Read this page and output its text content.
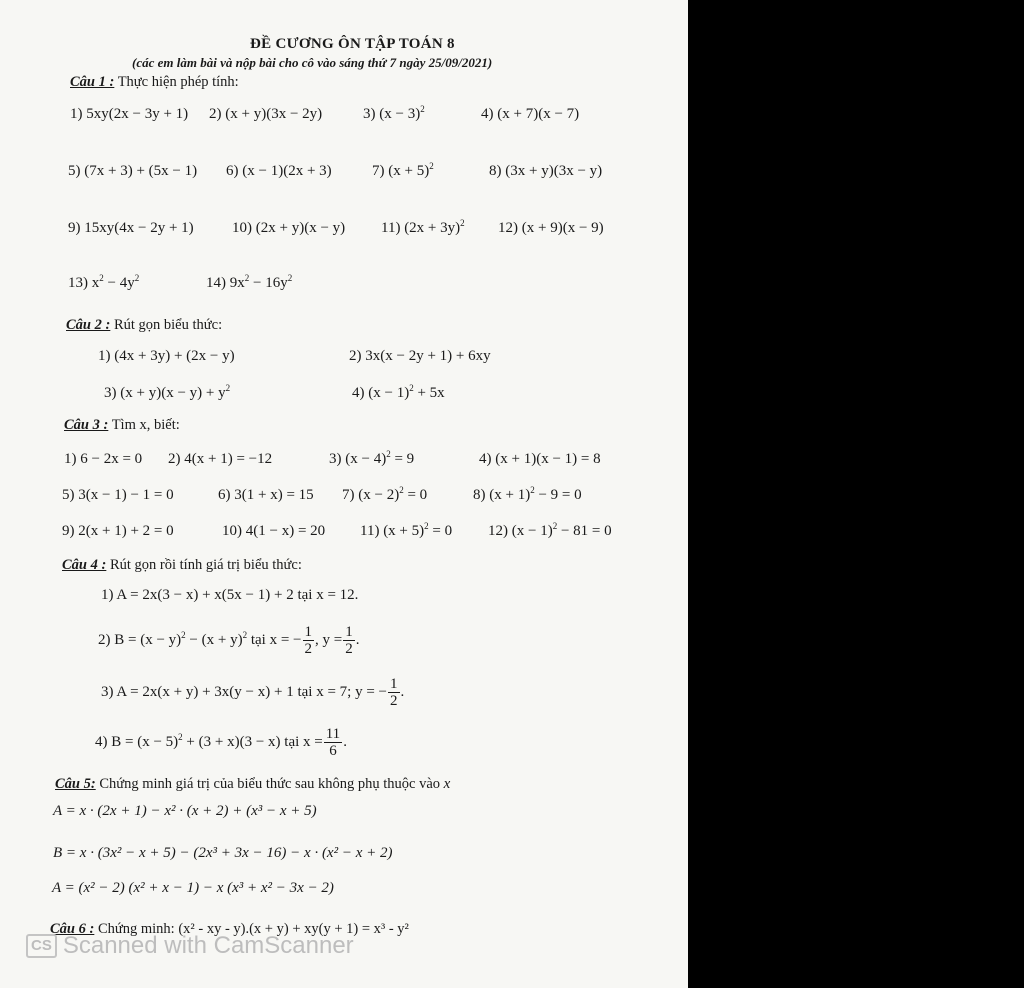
ĐỀ CƯƠNG ÔN TẬP TOÁN 8
(các em làm bài và nộp bài cho cô vào sáng thứ 7 ngày 25/09/2021)
Câu 1 : Thực hiện phép tính:
1) 5xy(2x − 3y + 1) 2) (x + y)(3x − 2y)	3) $(x - 3)^2$	4) (x + 7)(x − 7)
5) (7x + 3) + (5x − 1) 6) (x − 1)(2x + 3)	7) $(x + 5)^2$	8) (3x + y)(3x − y)
9) 15xy(4x − 2y + 1)	10) (2x + y)(x − y) 11) $(2x + 3y)^2$ 12) (x + 9)(x − 9)
13) $x^2 - 4y^2$	14) $9x^2 - 16y^2$
Câu 2 : Rút gọn biểu thức:
1) (4x + 3y) + (2x − y)	2) 3x(x − 2y + 1) + 6xy
3) $(x + y)(x - y) + y^2$	4) $(x - 1)^2 + 5x$
Câu 3 : Tìm x, biết:
1) 6 − 2x = 0 2) 4(x + 1) = −12	3) $(x - 4)^2 = 9$	4) (x + 1)(x − 1) = 8
5) 3(x − 1) − 1 = 0	6) 3(1 + x) = 15 7) $(x - 2)^2 = 0$	8) $(x + 1)^2 - 9 = 0$
9) 2(x + 1) + 2 = 0	10) 4(1 − x) = 20 11) $(x + 5)^2 = 0$ 12) $(x - 1)^2 - 81 = 0$
Câu 4 : Rút gọn rồi tính giá trị biểu thức:
1) A = 2x(3 − x) + x(5x − 1) + 2 tại x = 12.
2) $B = (x - y)^2 - (x + y)^2$ tại x = − $\frac{1}{2}$ , $y = \frac{1}{2}$ .
3) A = 2x(x + y) + 3x(y − x) + 1 tại x = 7; y = − $\frac{1}{2}$ .
4) $B = (x - 5)^2 + (3 + x)(3 - x)$ tại $x = \frac{11}{6}$ .
Câu 5: Chứng minh giá trị của biểu thức sau không phụ thuộc vào x
A = x · (2x + 1) − x² · (x + 2) + (x³ − x + 5)
B = x · (3x² − x + 5) − (2x³ + 3x − 16) − x · (x² − x + 2)
A = (x² − 2) (x² + x − 1) − x (x³ + x² − 3x − 2)
Câu 6 : Chứng minh: (x² - xy - y).(x + y) + xy(y + 1) = x³ - y²
CS Scanned with CamScanner
